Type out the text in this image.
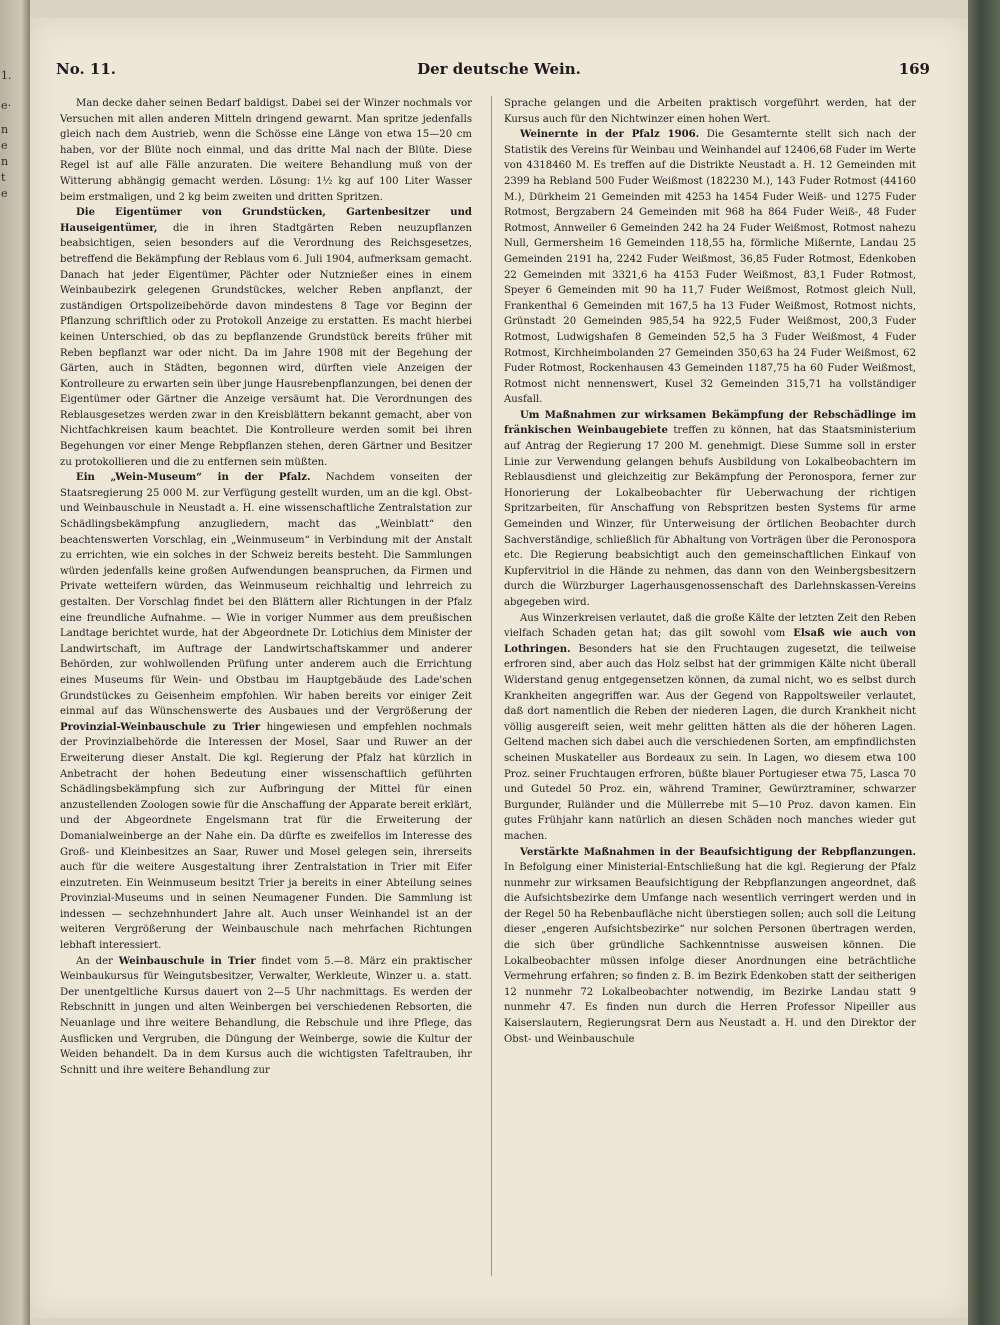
1.
e·
n
e
n
t
e
Der deutsche Wein.
No. 11.	169

Man decke daher seinen Bedarf baldigst. Dabei sei der Winzer nochmals vor Versuchen mit allen anderen Mitteln dringend gewarnt. Man spritze jedenfalls gleich nach dem Austrieb, wenn die Schösse eine Länge von etwa 15—20 cm haben, vor der Blüte noch einmal, und das dritte Mal nach der Blüte. Diese Regel ist auf alle Fälle anzuraten. Die weitere Behandlung muß von der Witterung abhängig gemacht werden. Lösung: 1½ kg auf 100 Liter Wasser beim erstmaligen, und 2 kg beim zweiten und dritten Spritzen.

Die Eigentümer von Grundstücken, Gartenbesitzer und Hauseigentümer, die in ihren Stadtgärten Reben neuzupflanzen beabsichtigen, seien besonders auf die Verordnung des Reichsgesetzes, betreffend die Bekämpfung der Reblaus vom 6. Juli 1904, aufmerksam gemacht. Danach hat jeder Eigentümer, Pächter oder Nutznießer eines in einem Weinbaubezirk gelegenen Grundstückes, welcher Reben anpflanzt, der zuständigen Ortspolizeibehörde davon mindestens 8 Tage vor Beginn der Pflanzung schriftlich oder zu Protokoll Anzeige zu erstatten. Es macht hierbei keinen Unterschied, ob das zu bepflanzende Grundstück bereits früher mit Reben bepflanzt war oder nicht. Da im Jahre 1908 mit der Begehung der Gärten, auch in Städten, begonnen wird, dürften viele Anzeigen der Kontrolleure zu erwarten sein über junge Hausrebenpflanzungen, bei denen der Eigentümer oder Gärtner die Anzeige versäumt hat. Die Verordnungen des Reblausgesetzes werden zwar in den Kreisblättern bekannt gemacht, aber von Nichtfachkreisen kaum beachtet. Die Kontrolleure werden somit bei ihren Begehungen vor einer Menge Rebpflanzen stehen, deren Gärtner und Besitzer zu protokollieren und die zu entfernen sein müßten.

Ein „Wein-Museum“ in der Pfalz. Nachdem vonseiten der Staatsregierung 25 000 M. zur Verfügung gestellt wurden, um an die kgl. Obst- und Weinbauschule in Neustadt a. H. eine wissenschaftliche Zentralstation zur Schädlingsbekämpfung anzugliedern, macht das „Weinblatt“ den beachtenswerten Vorschlag, ein „Weinmuseum“ in Verbindung mit der Anstalt zu errichten, wie ein solches in der Schweiz bereits besteht. Die Sammlungen würden jedenfalls keine großen Aufwendungen beanspruchen, da Firmen und Private wetteifern würden, das Weinmuseum reichhaltig und lehrreich zu gestalten. Der Vorschlag findet bei den Blättern aller Richtungen in der Pfalz eine freundliche Aufnahme. — Wie in voriger Nummer aus dem preußischen Landtage berichtet wurde, hat der Abgeordnete Dr. Lotichius dem Minister der Landwirtschaft, im Auftrage der Landwirtschaftskammer und anderer Behörden, zur wohlwollenden Prüfung unter anderem auch die Errichtung eines Museums für Wein- und Obstbau im Hauptgebäude des Lade'schen Grundstückes zu Geisenheim empfohlen. Wir haben bereits vor einiger Zeit einmal auf das Wünschenswerte des Ausbaues und der Vergrößerung der Provinzial-Weinbauschule zu Trier hingewiesen und empfehlen nochmals der Provinzialbehörde die Interessen der Mosel, Saar und Ruwer an der Erweiterung dieser Anstalt. Die kgl. Regierung der Pfalz hat kürzlich in Anbetracht der hohen Bedeutung einer wissenschaftlich geführten Schädlingsbekämpfung sich zur Aufbringung der Mittel für einen anzustellenden Zoologen sowie für die Anschaffung der Apparate bereit erklärt, und der Abgeordnete Engelsmann trat für die Erweiterung der Domanialweinberge an der Nahe ein. Da dürfte es zweifellos im Interesse des Groß- und Kleinbesitzes an Saar, Ruwer und Mosel gelegen sein, ihrerseits auch für die weitere Ausgestaltung ihrer Zentralstation in Trier mit Eifer einzutreten. Ein Weinmuseum besitzt Trier ja bereits in einer Abteilung seines Provinzial-Museums und in seinen Neumagener Funden. Die Sammlung ist indessen — sechzehnhundert Jahre alt. Auch unser Weinhandel ist an der weiteren Vergrößerung der Weinbauschule nach mehrfachen Richtungen lebhaft interessiert.

An der Weinbauschule in Trier findet vom 5.—8. März ein praktischer Weinbaukursus für Weingutsbesitzer, Verwalter, Werkleute, Winzer u. a. statt. Der unentgeltliche Kursus dauert von 2—5 Uhr nachmittags. Es werden der Rebschnitt in jungen und alten Weinbergen bei verschiedenen Rebsorten, die Neuanlage und ihre weitere Behandlung, die Rebschule und ihre Pflege, das Ausflicken und Vergruben, die Düngung der Weinberge, sowie die Kultur der Weiden behandelt. Da in dem Kursus auch die wichtigsten Tafeltrauben, ihr Schnitt und ihre weitere Behandlung zur

Sprache gelangen und die Arbeiten praktisch vorgeführt werden, hat der Kursus auch für den Nichtwinzer einen hohen Wert.

Weinernte in der Pfalz 1906. Die Gesamternte stellt sich nach der Statistik des Vereins für Weinbau und Weinhandel auf 12406,68 Fuder im Werte von 4318460 M. Es treffen auf die Distrikte Neustadt a. H. 12 Gemeinden mit 2399 ha Rebland 500 Fuder Weißmost (182230 M.), 143 Fuder Rotmost (44160 M.), Dürkheim 21 Gemeinden mit 4253 ha 1454 Fuder Weiß- und 1275 Fuder Rotmost, Bergzabern 24 Gemeinden mit 968 ha 864 Fuder Weiß-, 48 Fuder Rotmost, Annweiler 6 Gemeinden 242 ha 24 Fuder Weißmost, Rotmost nahezu Null, Germersheim 16 Gemeinden 118,55 ha, förmliche Mißernte, Landau 25 Gemeinden 2191 ha, 2242 Fuder Weißmost, 36,85 Fuder Rotmost, Edenkoben 22 Gemeinden mit 3321,6 ha 4153 Fuder Weißmost, 83,1 Fuder Rotmost, Speyer 6 Gemeinden mit 90 ha 11,7 Fuder Weißmost, Rotmost gleich Null, Frankenthal 6 Gemeinden mit 167,5 ha 13 Fuder Weißmost, Rotmost nichts, Grünstadt 20 Gemeinden 985,54 ha 922,5 Fuder Weißmost, 200,3 Fuder Rotmost, Ludwigshafen 8 Gemeinden 52,5 ha 3 Fuder Weißmost, 4 Fuder Rotmost, Kirchheimbolanden 27 Gemeinden 350,63 ha 24 Fuder Weißmost, 62 Fuder Rotmost, Rockenhausen 43 Gemeinden 1187,75 ha 60 Fuder Weißmost, Rotmost nicht nennenswert, Kusel 32 Gemeinden 315,71 ha vollständiger Ausfall.

Um Maßnahmen zur wirksamen Bekämpfung der Rebschädlinge im fränkischen Weinbaugebiete treffen zu können, hat das Staatsministerium auf Antrag der Regierung 17 200 M. genehmigt. Diese Summe soll in erster Linie zur Verwendung gelangen behufs Ausbildung von Lokalbeobachtern im Reblausdienst und gleichzeitig zur Bekämpfung der Peronospora, ferner zur Honorierung der Lokalbeobachter für Ueberwachung der richtigen Spritzarbeiten, für Anschaffung von Rebspritzen besten Systems für arme Gemeinden und Winzer, für Unterweisung der örtlichen Beobachter durch Sachverständige, schließlich für Abhaltung von Vorträgen über die Peronospora etc. Die Regierung beabsichtigt auch den gemeinschaftlichen Einkauf von Kupfervitriol in die Hände zu nehmen, das dann von den Weinbergsbesitzern durch die Würzburger Lagerhausgenossenschaft des Darlehnskassen-Vereins abgegeben wird.

Aus Winzerkreisen verlautet, daß die große Kälte der letzten Zeit den Reben vielfach Schaden getan hat; das gilt sowohl vom Elsaß wie auch von Lothringen. Besonders hat sie den Fruchtaugen zugesetzt, die teilweise erfroren sind, aber auch das Holz selbst hat der grimmigen Kälte nicht überall Widerstand genug entgegensetzen können, da zumal nicht, wo es selbst durch Krankheiten angegriffen war. Aus der Gegend von Rappoltsweiler verlautet, daß dort namentlich die Reben der niederen Lagen, die durch Krankheit nicht völlig ausgereift seien, weit mehr gelitten hätten als die der höheren Lagen. Geltend machen sich dabei auch die verschiedenen Sorten, am empfindlichsten scheinen Muskateller aus Bordeaux zu sein. In Lagen, wo diesem etwa 100 Proz. seiner Fruchtaugen erfroren, büßte blauer Portugieser etwa 75, Lasca 70 und Gutedel 50 Proz. ein, während Traminer, Gewürztraminer, schwarzer Burgunder, Ruländer und die Müllerrebe mit 5—10 Proz. davon kamen. Ein gutes Frühjahr kann natürlich an diesen Schäden noch manches wieder gut machen.

Verstärkte Maßnahmen in der Beaufsichtigung der Rebpflanzungen. In Befolgung einer Ministerial-Entschließung hat die kgl. Regierung der Pfalz nunmehr zur wirksamen Beaufsichtigung der Rebpflanzungen angeordnet, daß die Aufsichtsbezirke dem Umfange nach wesentlich verringert werden und in der Regel 50 ha Rebenbaufläche nicht überstiegen sollen; auch soll die Leitung dieser „engeren Aufsichtsbezirke“ nur solchen Personen übertragen werden, die sich über gründliche Sachkenntnisse ausweisen können. Die Lokalbeobachter müssen infolge dieser Anordnungen eine beträchtliche Vermehrung erfahren; so finden z. B. im Bezirk Edenkoben statt der seitherigen 12 nunmehr 72 Lokalbeobachter notwendig, im Bezirke Landau statt 9 nunmehr 47. Es finden nun durch die Herren Professor Nipeiller aus Kaiserslautern, Regierungsrat Dern aus Neustadt a. H. und den Direktor der Obst- und Weinbauschule
